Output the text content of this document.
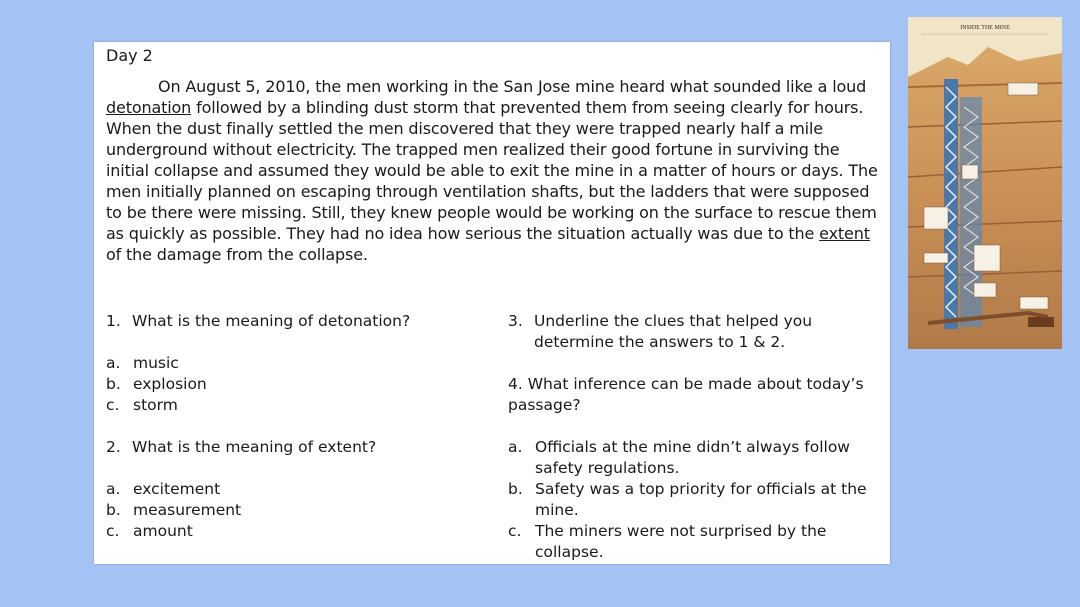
Day 2
On August 5, 2010, the men working in the San Jose mine heard what sounded like a loud detonation followed by a blinding dust storm that prevented them from seeing clearly for hours. When the dust finally settled the men discovered that they were trapped nearly half a mile underground without electricity. The trapped men realized their good fortune in surviving the initial collapse and assumed they would be able to exit the mine in a matter of hours or days. The men initially planned on escaping through ventilation shafts, but the ladders that were supposed to be there were missing. Still, they knew people would be working on the surface to rescue them as quickly as possible. They had no idea how serious the situation actually was due to the extent of the damage from the collapse.

1. What is the meaning of detonation?

a. music

b. explosion

c. storm

2. What is the meaning of extent?

a. excitement

b. measurement

c. amount

3. Underline the clues that helped you determine the answers to 1 & 2.

4. What inference can be made about today’s passage?

a. Officials at the mine didn’t always follow safety regulations.

b. Safety was a top priority for officials at the mine.

c. The miners were not surprised by the collapse.

INSIDE THE MINE
